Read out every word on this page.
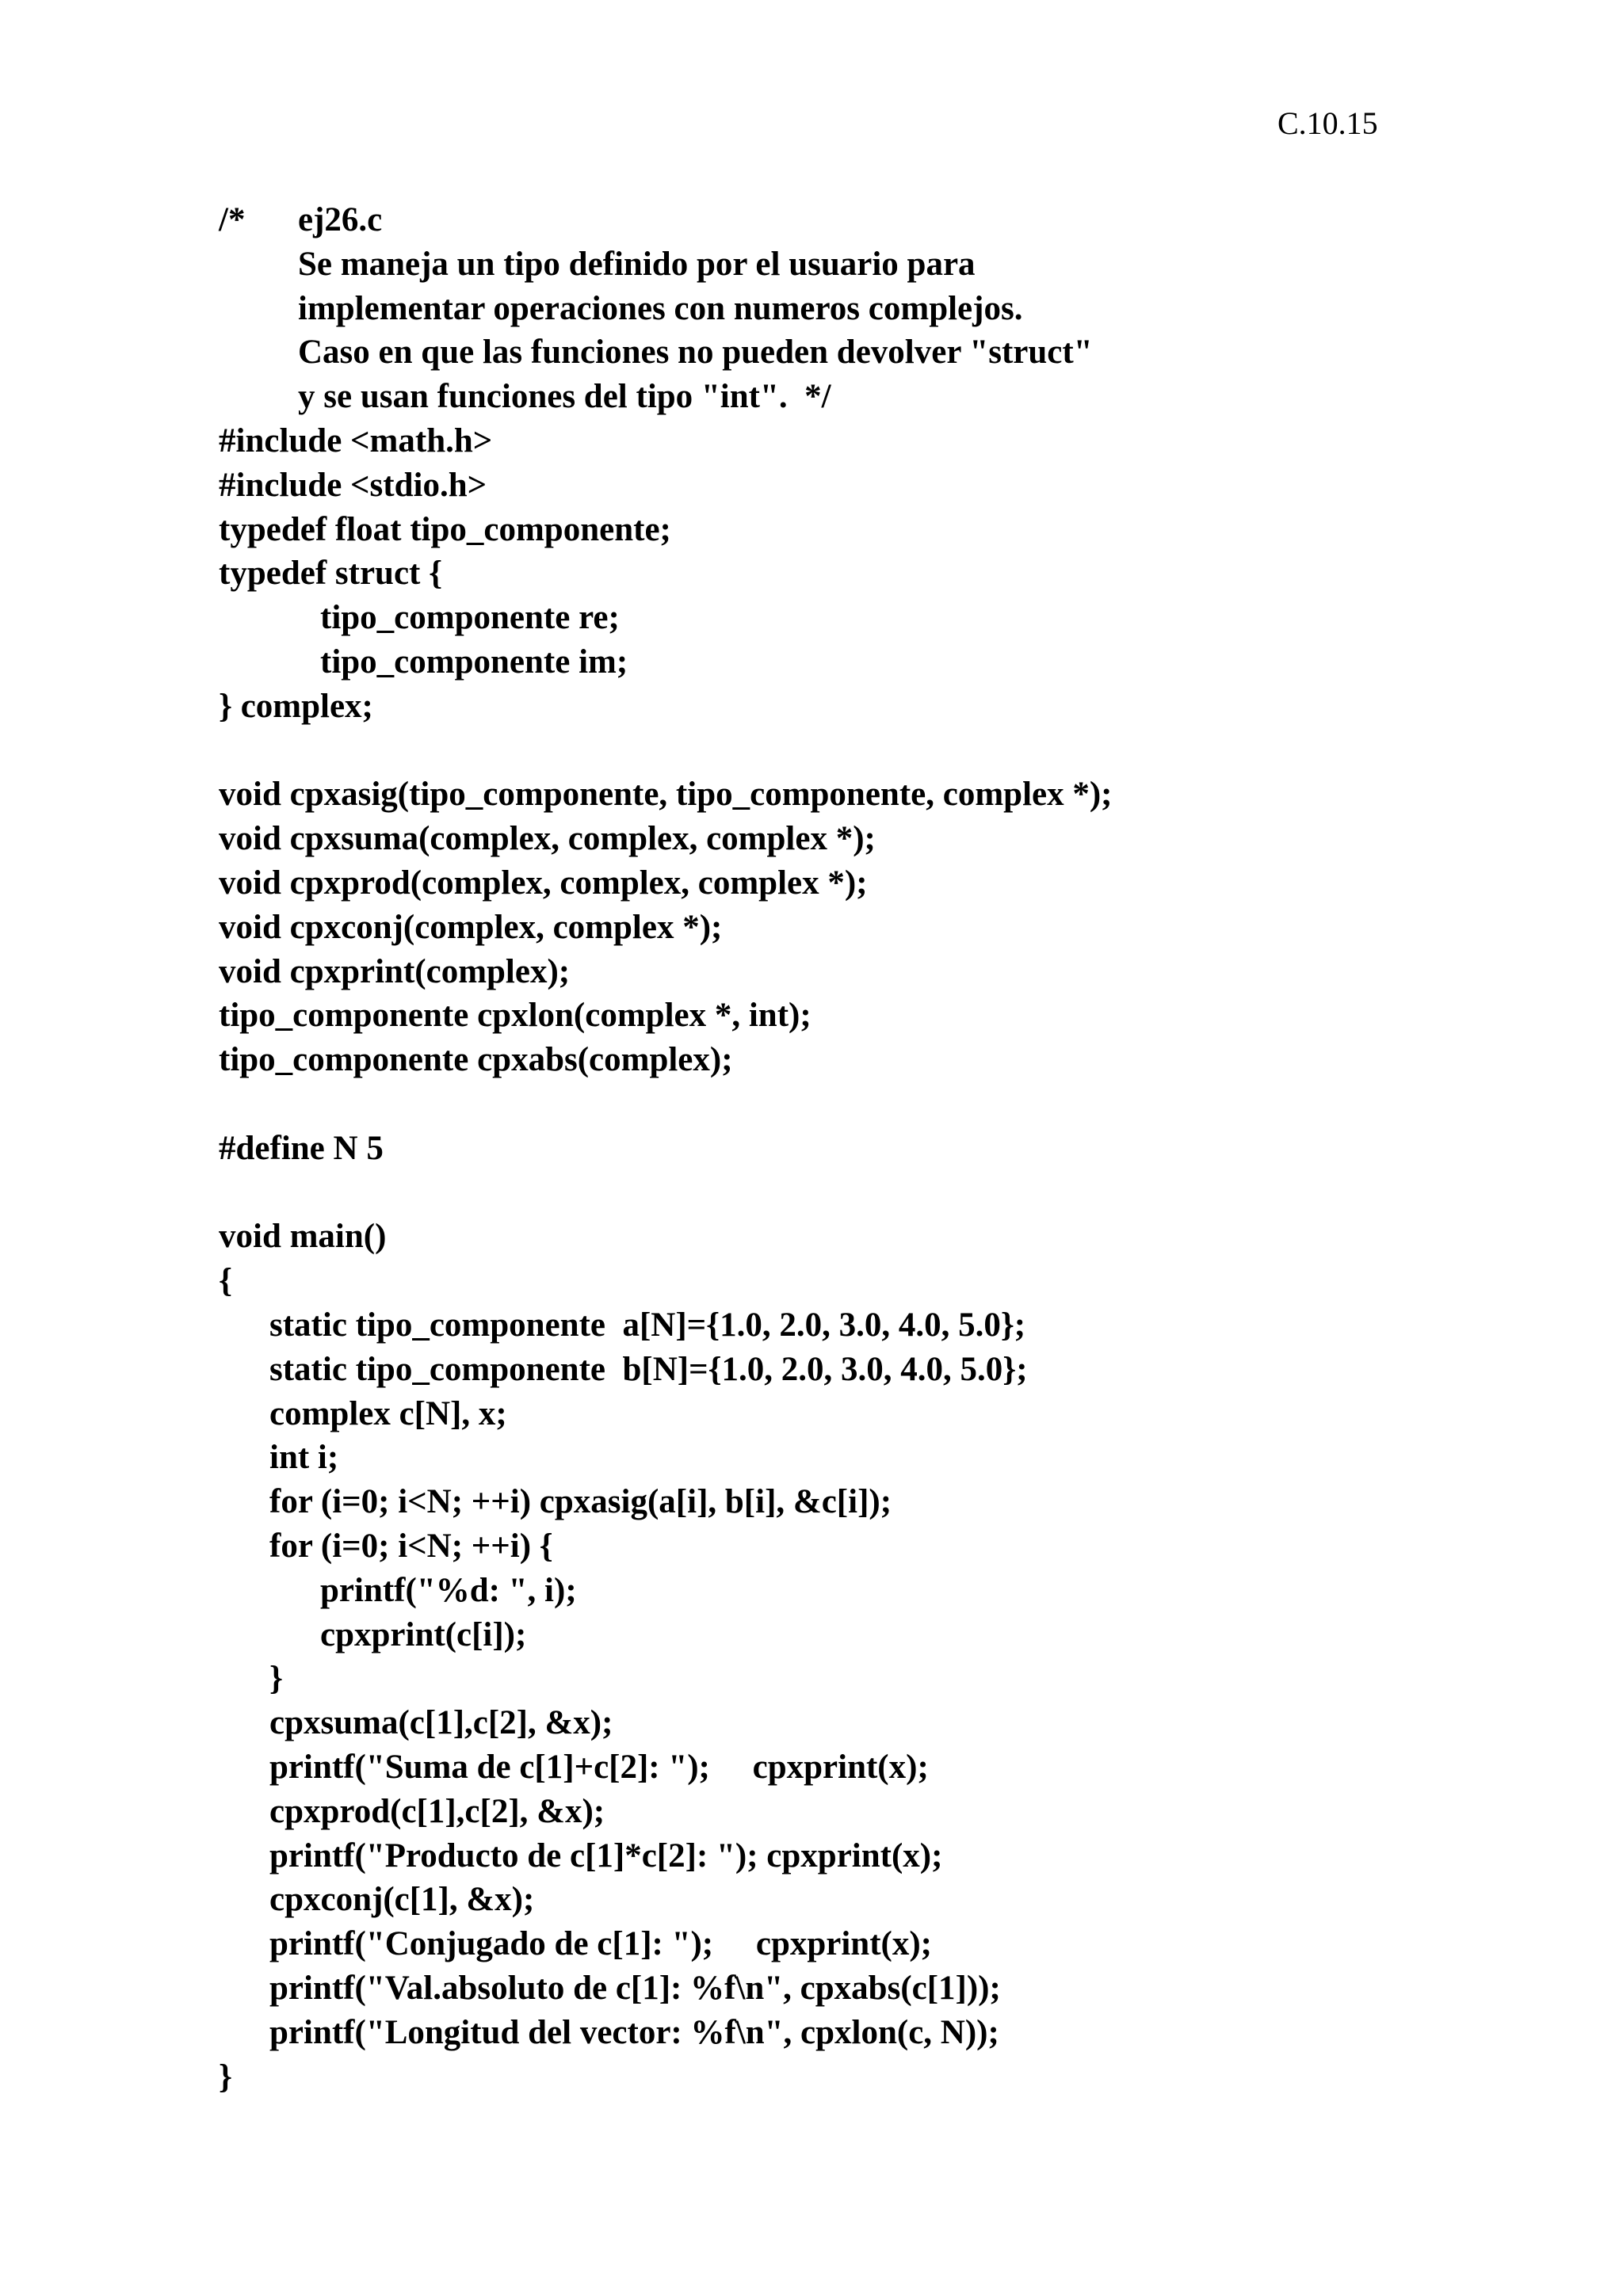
C.10.15
/* ej26.c
Se maneja un tipo definido por el usuario para
implementar operaciones con numeros complejos.
Caso en que las funciones no pueden devolver "struct"
y se usan funciones del tipo "int".  */
#include <math.h>
#include <stdio.h>
typedef float tipo_componente;
typedef struct {
tipo_componente re;
tipo_componente im;
} complex;
void cpxasig(tipo_componente, tipo_componente, complex *);
void cpxsuma(complex, complex, complex *);
void cpxprod(complex, complex, complex *);
void cpxconj(complex, complex *);
void cpxprint(complex);
tipo_componente cpxlon(complex *, int);
tipo_componente cpxabs(complex);
#define N 5
void main()
{
static tipo_componente  a[N]={1.0, 2.0, 3.0, 4.0, 5.0};
static tipo_componente  b[N]={1.0, 2.0, 3.0, 4.0, 5.0};
complex c[N], x;
int i;
for (i=0; i<N; ++i) cpxasig(a[i], b[i], &c[i]);
for (i=0; i<N; ++i) {
printf("%d: ", i);
cpxprint(c[i]);
}
cpxsuma(c[1],c[2], &x);
printf("Suma de c[1]+c[2]: ");     cpxprint(x);
cpxprod(c[1],c[2], &x);
printf("Producto de c[1]*c[2]: "); cpxprint(x);
cpxconj(c[1], &x);
printf("Conjugado de c[1]: ");     cpxprint(x);
printf("Val.absoluto de c[1]: %f\n", cpxabs(c[1]));
printf("Longitud del vector: %f\n", cpxlon(c, N));
}
